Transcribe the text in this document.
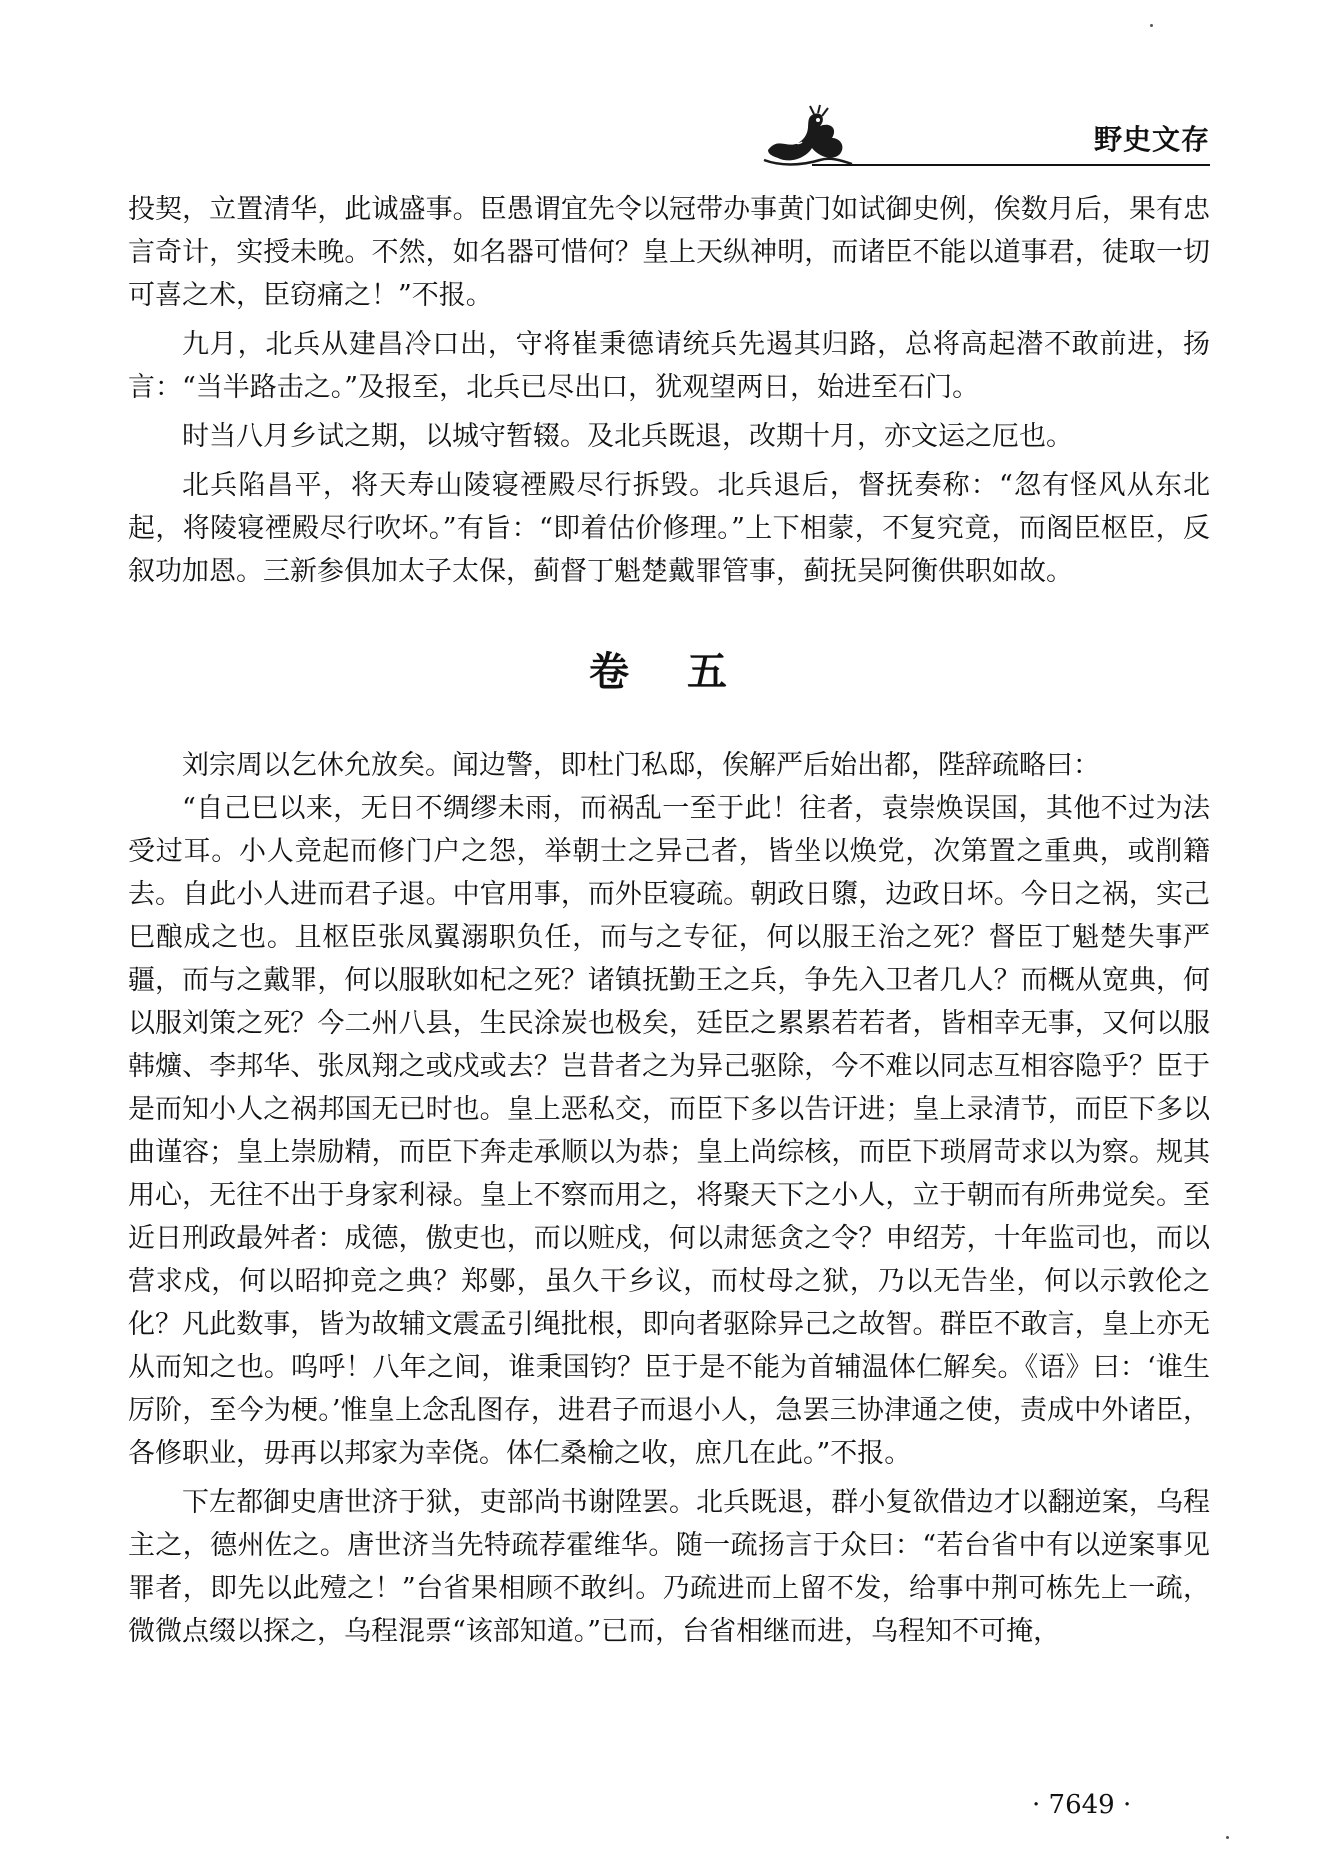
野史文存

投契，立置清华，此诚盛事。臣愚谓宜先令以冠带办事黄门如试御史例，俟数月后，果有忠言奇计，实授未晚。不然，如名器可惜何？皇上天纵神明，而诸臣不能以道事君，徒取一切可喜之术，臣窃痛之！”不报。

九月，北兵从建昌冷口出，守将崔秉德请统兵先遏其归路，总将高起潜不敢前进，扬言：“当半路击之。”及报至，北兵已尽出口，犹观望两日，始进至石门。

时当八月乡试之期，以城守暂辍。及北兵既退，改期十月，亦文运之厄也。

北兵陷昌平，将天寿山陵寝禋殿尽行拆毁。北兵退后，督抚奏称：“忽有怪风从东北起，将陵寝禋殿尽行吹坏。”有旨：“即着估价修理。”上下相蒙，不复究竟，而阁臣枢臣，反叙功加恩。三新参俱加太子太保，蓟督丁魁楚戴罪管事，蓟抚吴阿衡供职如故。

卷 五

刘宗周以乞休允放矣。闻边警，即杜门私邸，俟解严后始出都，陛辞疏略曰：

“自己巳以来，无日不绸缪未雨，而祸乱一至于此！往者，袁崇焕误国，其他不过为法受过耳。小人竞起而修门户之怨，举朝士之异己者，皆坐以焕党，次第置之重典，或削籍去。自此小人进而君子退。中官用事，而外臣寝疏。朝政日隳，边政日坏。今日之祸，实己巳酿成之也。且枢臣张凤翼溺职负任，而与之专征，何以服王治之死？督臣丁魁楚失事严疆，而与之戴罪，何以服耿如杞之死？诸镇抚勤王之兵，争先入卫者几人？而概从宽典，何以服刘策之死？今二州八县，生民涂炭也极矣，廷臣之累累若若者，皆相幸无事，又何以服韩爌、李邦华、张凤翔之或戍或去？岂昔者之为异己驱除，今不难以同志互相容隐乎？臣于是而知小人之祸邦国无已时也。皇上恶私交，而臣下多以告讦进；皇上录清节，而臣下多以曲谨容；皇上崇励精，而臣下奔走承顺以为恭；皇上尚综核，而臣下琐屑苛求以为察。规其用心，无往不出于身家利禄。皇上不察而用之，将聚天下之小人，立于朝而有所弗觉矣。至近日刑政最舛者：成德，傲吏也，而以赃戍，何以肃惩贪之令？申绍芳，十年监司也，而以营求戍，何以昭抑竞之典？郑鄤，虽久干乡议，而杖母之狱，乃以无告坐，何以示敦伦之化？凡此数事，皆为故辅文震孟引绳批根，即向者驱除异己之故智。群臣不敢言，皇上亦无从而知之也。呜呼！八年之间，谁秉国钧？臣于是不能为首辅温体仁解矣。《语》曰：‘谁生厉阶，至今为梗。’惟皇上念乱图存，进君子而退小人，急罢三协津通之使，责成中外诸臣，各修职业，毋再以邦家为幸侥。体仁桑榆之收，庶几在此。”不报。

下左都御史唐世济于狱，吏部尚书谢陞罢。北兵既退，群小复欲借边才以翻逆案，乌程主之，德州佐之。唐世济当先特疏荐霍维华。随一疏扬言于众曰：“若台省中有以逆案事见罪者，即先以此殪之！”台省果相顾不敢纠。乃疏进而上留不发，给事中荆可栋先上一疏，微微点缀以探之，乌程混票“该部知道。”已而，台省相继而进，乌程知不可掩，

· 7649 ·
